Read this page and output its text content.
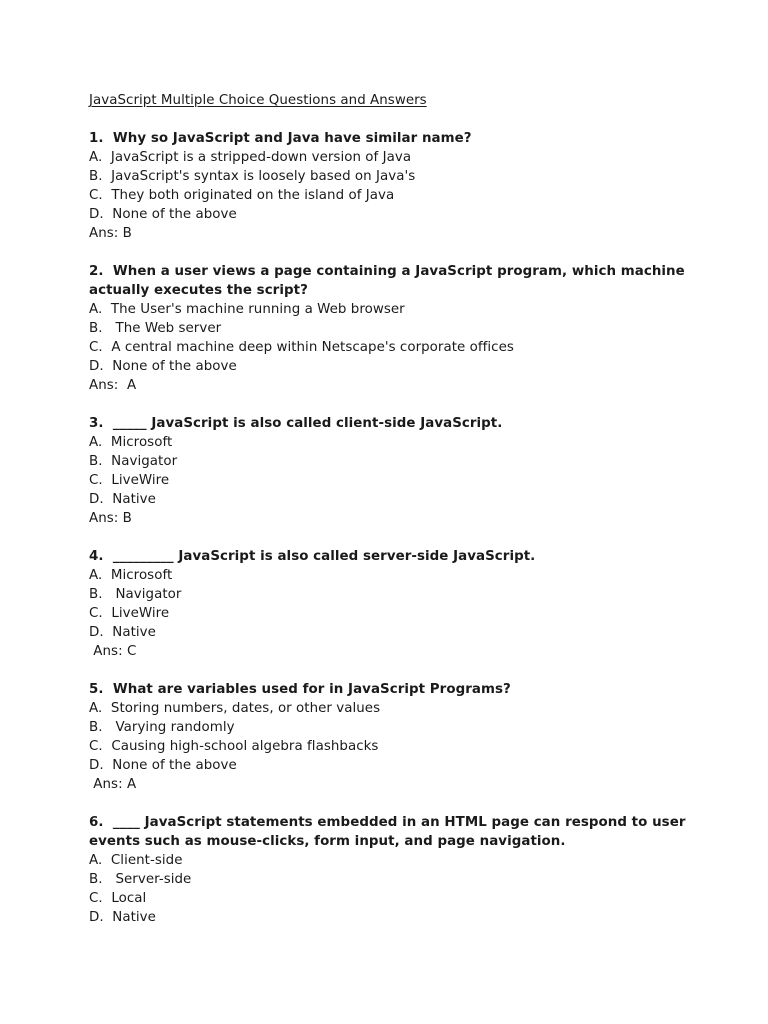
JavaScript Multiple Choice Questions and Answers
1.  Why so JavaScript and Java have similar name?
A.  JavaScript is a stripped-down version of Java
B.  JavaScript's syntax is loosely based on Java's
C.  They both originated on the island of Java
D.  None of the above
Ans: B
2.  When a user views a page containing a JavaScript program, which machine actually executes the script?
A.  The User's machine running a Web browser
B.   The Web server
C.  A central machine deep within Netscape's corporate offices
D.  None of the above
Ans:  A
3.  _____ JavaScript is also called client-side JavaScript.
A.  Microsoft
B.  Navigator
C.  LiveWire
D.  Native
Ans: B
4.  _________ JavaScript is also called server-side JavaScript.
A.  Microsoft
B.   Navigator
C.  LiveWire
D.  Native
Ans: C
5.  What are variables used for in JavaScript Programs?
A.  Storing numbers, dates, or other values
B.   Varying randomly
C.  Causing high-school algebra flashbacks
D.  None of the above
Ans: A
6.  ____ JavaScript statements embedded in an HTML page can respond to user events such as mouse-clicks, form input, and page navigation.
A.  Client-side
B.   Server-side
C.  Local
D.  Native
